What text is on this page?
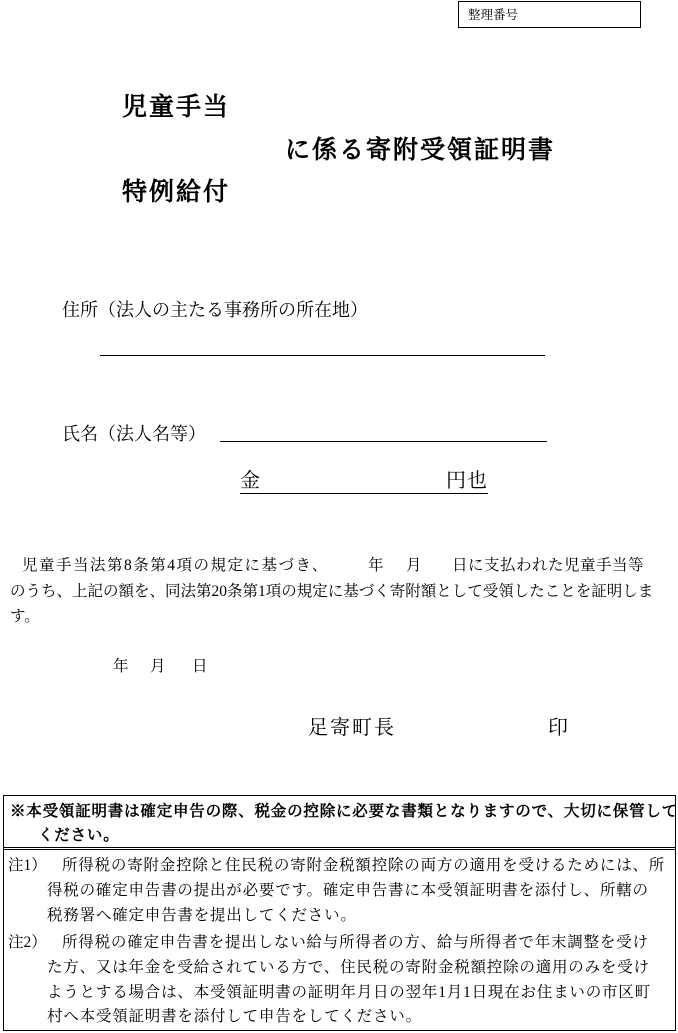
整理番号
児童手当
に係る寄附受領証明書
特例給付
住所（法人の主たる事務所の所在地）
氏名（法人名等）
金	円也
児童手当法第8条第4項の規定に基づき、	年 月 日に支払われた児童手当等
のうち、上記の額を、同法第20条第1項の規定に基づく寄附額として受領したことを証明しま
す。
年 月 日
足寄町長	印
※本受領証明書は確定申告の際、税金の控除に必要な書類となりますので、大切に保管して
ください。
注1） 所得税の寄附金控除と住民税の寄附金税額控除の両方の適用を受けるためには、所
得税の確定申告書の提出が必要です。確定申告書に本受領証明書を添付し、所轄の
税務署へ確定申告書を提出してください。
注2） 所得税の確定申告書を提出しない給与所得者の方、給与所得者で年末調整を受け
た方、又は年金を受給されている方で、住民税の寄附金税額控除の適用のみを受け
ようとする場合は、本受領証明書の証明年月日の翌年1月1日現在お住まいの市区町
村へ本受領証明書を添付して申告をしてください。
